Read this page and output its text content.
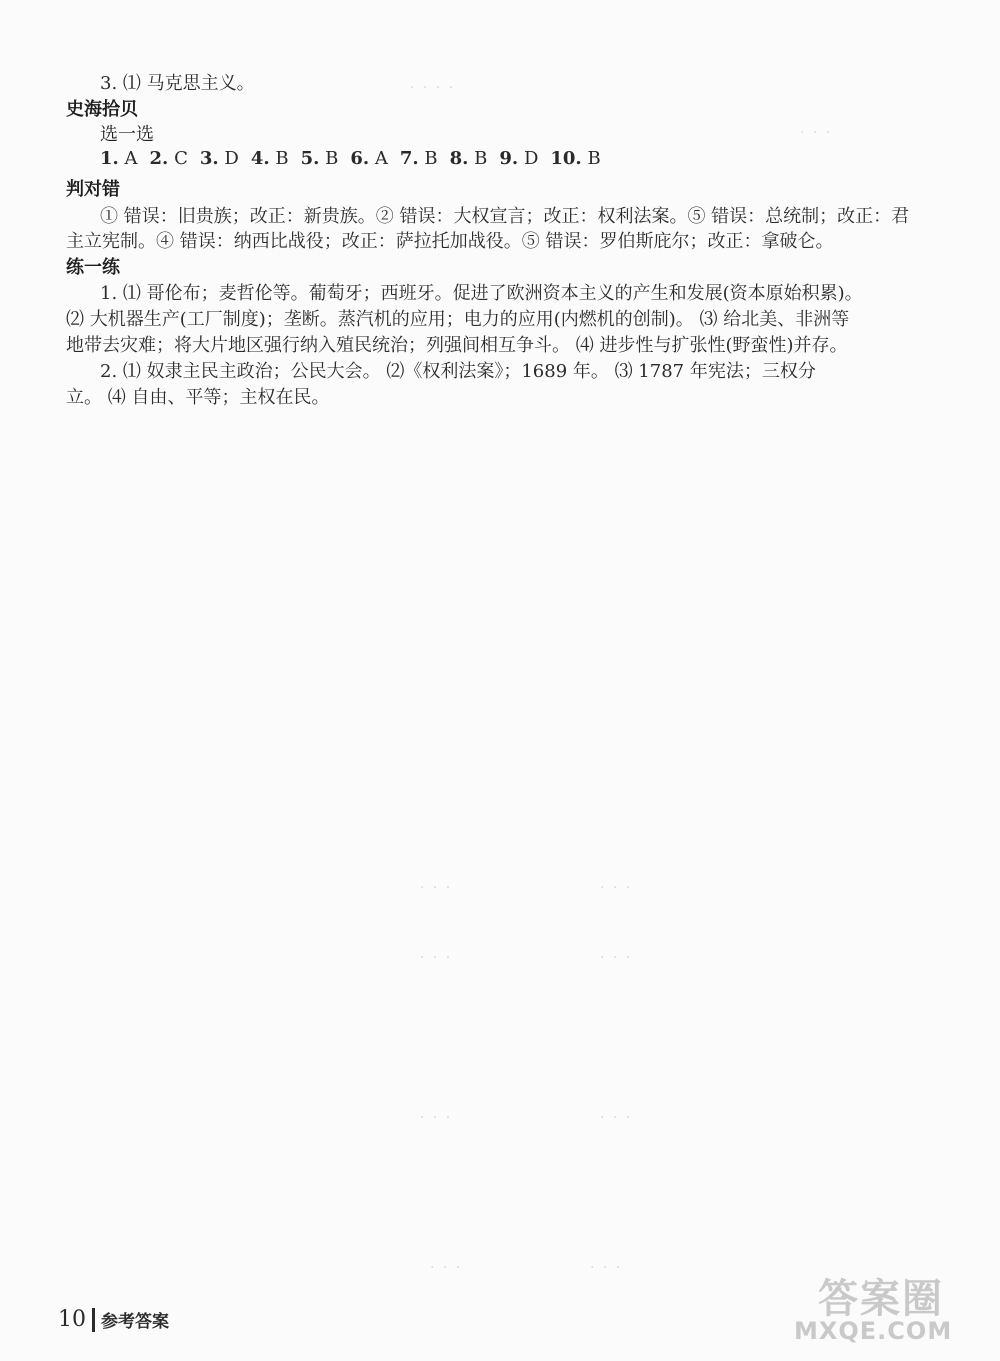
3. ⑴ 马克思主义。
史海拾贝
选一选
1. A 2. C 3. D 4. B 5. B 6. A 7. B 8. B 9. D 10. B
判对错
① 错误：旧贵族；改正：新贵族。② 错误：大权宣言；改正：权利法案。⑤ 错误：总统制；改正：君
主立宪制。④ 错误：纳西比战役；改正：萨拉托加战役。⑤ 错误：罗伯斯庇尔；改正：拿破仑。
练一练
1. ⑴ 哥伦布；麦哲伦等。葡萄牙；西班牙。促进了欧洲资本主义的产生和发展(资本原始积累)。
⑵ 大机器生产(工厂制度)；垄断。蒸汽机的应用；电力的应用(内燃机的创制)。 ⑶ 给北美、非洲等
地带去灾难；将大片地区强行纳入殖民统治；列强间相互争斗。 ⑷ 进步性与扩张性(野蛮性)并存。
2. ⑴ 奴隶主民主政治；公民大会。 ⑵《权利法案》；1689 年。 ⑶ 1787 年宪法；三权分
立。 ⑷ 自由、平等；主权在民。
· · · ·
· · ·
· · ·	· · ·
· · ·	· · ·
· · ·	· · ·
· · ·	· · ·
10 参考答案	答案圈
MXQE.COM
